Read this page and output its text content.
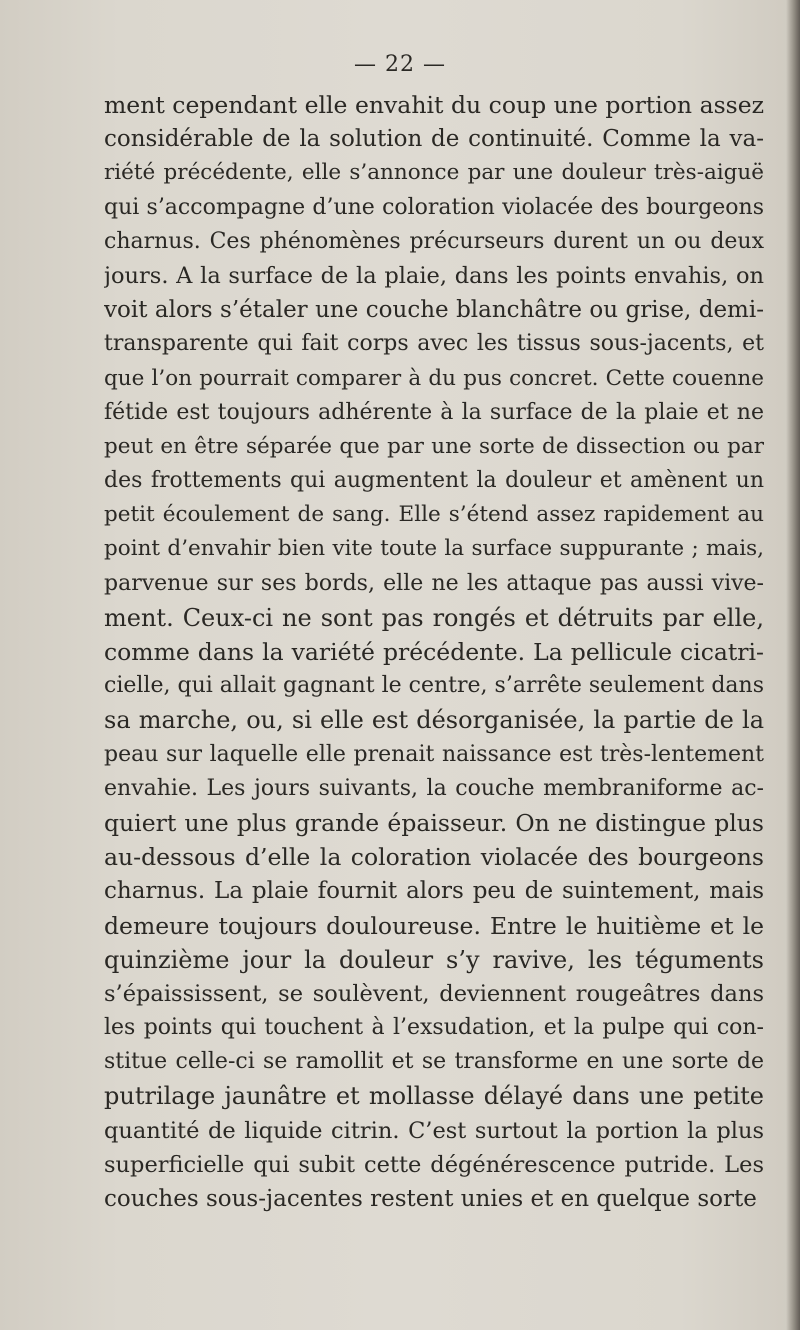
— 22 —
ment cependant elle envahit du coup une portion assez
considérable de la solution de continuité. Comme la va-
riété précédente, elle s’annonce par une douleur très-aiguë
qui s’accompagne d’une coloration violacée des bourgeons
charnus. Ces phénomènes précurseurs durent un ou deux
jours. A la surface de la plaie, dans les points envahis, on
voit alors s’étaler une couche blanchâtre ou grise, demi-
transparente qui fait corps avec les tissus sous-jacents, et
que l’on pourrait comparer à du pus concret. Cette couenne
fétide est toujours adhérente à la surface de la plaie et ne
peut en être séparée que par une sorte de dissection ou par
des frottements qui augmentent la douleur et amènent un
petit écoulement de sang. Elle s’étend assez rapidement au
point d’envahir bien vite toute la surface suppurante ; mais,
parvenue sur ses bords, elle ne les attaque pas aussi vive-
ment. Ceux-ci ne sont pas rongés et détruits par elle,
comme dans la variété précédente. La pellicule cicatri-
cielle, qui allait gagnant le centre, s’arrête seulement dans
sa marche, ou, si elle est désorganisée, la partie de la
peau sur laquelle elle prenait naissance est très-lentement
envahie. Les jours suivants, la couche membraniforme ac-
quiert une plus grande épaisseur. On ne distingue plus
au-dessous d’elle la coloration violacée des bourgeons
charnus. La plaie fournit alors peu de suintement, mais
demeure toujours douloureuse. Entre le huitième et le
quinzième jour la douleur s’y ravive, les téguments
s’épaississent, se soulèvent, deviennent rougeâtres dans
les points qui touchent à l’exsudation, et la pulpe qui con-
stitue celle-ci se ramollit et se transforme en une sorte de
putrilage jaunâtre et mollasse délayé dans une petite
quantité de liquide citrin. C’est surtout la portion la plus
superficielle qui subit cette dégénérescence putride. Les
couches sous-jacentes restent unies et en quelque sorte
